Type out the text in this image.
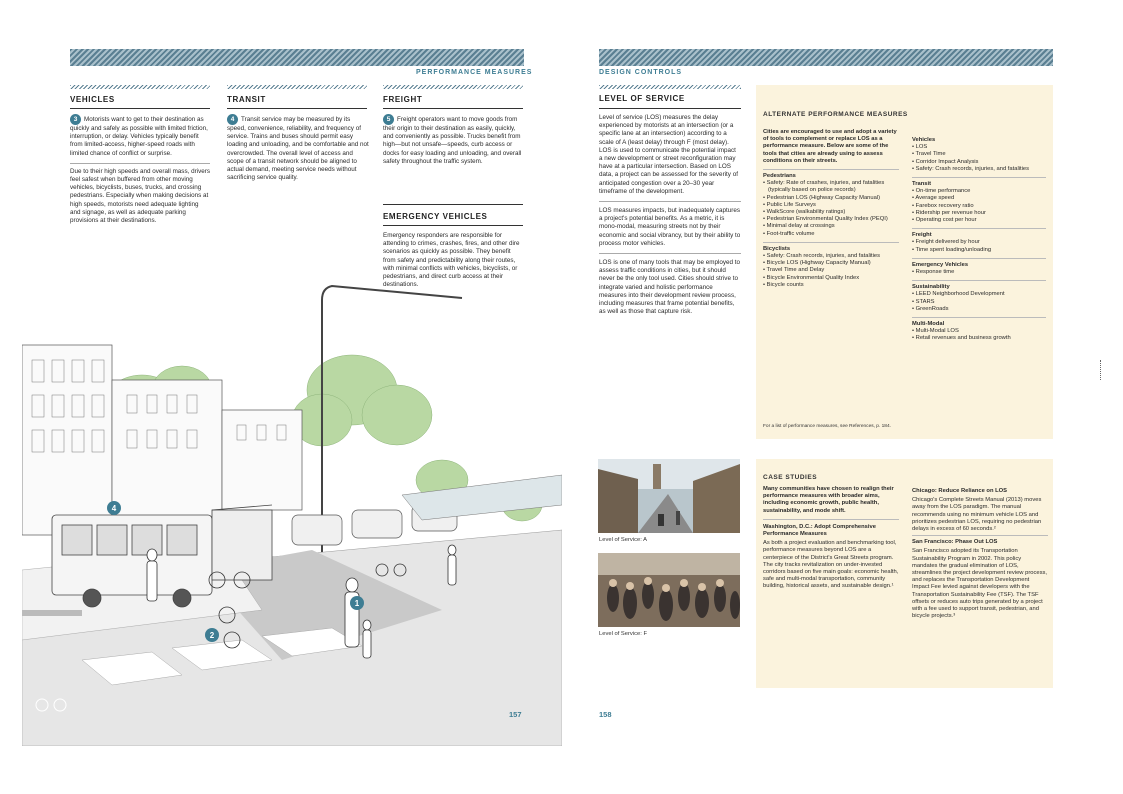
PERFORMANCE MEASURES
VEHICLES

3 Motorists want to get to their destination as quickly and safely as possible with limited friction, interruption, or delay. Vehicles typically benefit from limited-access, higher-speed roads with limited chance of conflict or surprise.

Due to their high speeds and overall mass, drivers feel safest when buffered from other moving vehicles, bicyclists, buses, trucks, and crossing pedestrians. Especially when making decisions at high speeds, motorists need adequate lighting and signage, as well as adequate parking provisions at their destinations.

TRANSIT

4 Transit service may be measured by its speed, convenience, reliability, and frequency of service. Trains and buses should permit easy loading and unloading, and be comfortable and not overcrowded. The overall level of access and scope of a transit network should be aligned to actual demand, meeting service needs without sacrificing service quality.

FREIGHT

5 Freight operators want to move goods from their origin to their destination as easily, quickly, and conveniently as possible. Trucks benefit from high—but not unsafe—speeds, curb access or docks for easy loading and unloading, and overall safety throughout the traffic system.

EMERGENCY VEHICLES
Emergency responders are responsible for attending to crimes, crashes, fires, and other dire scenarios as quickly as possible. They benefit from safety and predictability along their routes, with minimal conflicts with vehicles, bicyclists, or pedestrians, and direct curb access at their destinations.
4
1
2
157
DESIGN CONTROLS
LEVEL OF SERVICE

Level of service (LOS) measures the delay experienced by motorists at an intersection (or a specific lane at an intersection) according to a scale of A (least delay) through F (most delay). LOS is used to communicate the potential impact a new development or street reconfiguration may have at a particular intersection. Based on LOS data, a project can be assessed for the severity of anticipated congestion over a 20–30 year timeframe of the development.

LOS measures impacts, but inadequately captures a project's potential benefits. As a metric, it is mono-modal, measuring streets not by their economic and social vibrancy, but by their ability to process motor vehicles.

LOS is one of many tools that may be employed to assess traffic conditions in cities, but it should never be the only tool used. Cities should strive to integrate varied and holistic performance measures into their development review process, including measures that frame potential benefits, as well as those that capture risk.

ALTERNATE PERFORMANCE MEASURES
Cities are encouraged to use and adopt a variety of tools to complement or replace LOS as a performance measure. Below are some of the tools that cities are already using to assess conditions on their streets.
Pedestrians
• Safety: Rate of crashes, injuries, and fatalities (typically based on police records)
• Pedestrian LOS (Highway Capacity Manual)
• Public Life Surveys
• WalkScore (walkability ratings)
• Pedestrian Environmental Quality Index (PEQI)
• Minimal delay at crossings
• Foot-traffic volume
Bicyclists
• Safety: Crash records, injuries, and fatalities
• Bicycle LOS (Highway Capacity Manual)
• Travel Time and Delay
• Bicycle Environmental Quality Index
• Bicycle counts
Vehicles
• LOS
• Travel Time
• Corridor Impact Analysis
• Safety: Crash records, injuries, and fatalities
Transit
• On-time performance
• Average speed
• Farebox recovery ratio
• Ridership per revenue hour
• Operating cost per hour
Freight
• Freight delivered by hour
• Time spent loading/unloading
Emergency Vehicles
• Response time
Sustainability
• LEED Neighborhood Development
• STARS
• GreenRoads
Multi-Modal
• Multi-Modal LOS
• Retail revenues and business growth
For a list of performance measures, see References, p. 184.
Level of Service: A
Level of Service: F
CASE STUDIES

Many communities have chosen to realign their performance measures with broader aims, including economic growth, public health, sustainability, and mode shift.

Washington, D.C.: Adopt Comprehensive Performance Measures

As both a project evaluation and benchmarking tool, performance measures beyond LOS are a centerpiece of the District's Great Streets program. The city tracks revitalization on under-invested corridors based on five main goals: economic health, safe and multi-modal transportation, community building, historical assets, and sustainable design.¹

Chicago: Reduce Reliance on LOS

Chicago's Complete Streets Manual (2013) moves away from the LOS paradigm. The manual recommends using no minimum vehicle LOS and prioritizes pedestrian LOS, requiring no pedestrian delays in excess of 60 seconds.²

San Francisco: Phase Out LOS

San Francisco adopted its Transportation Sustainability Program in 2002. This policy mandates the gradual elimination of LOS, streamlines the project development review process, and replaces the Transportation Development Impact Fee levied against developers with the Transportation Sustainability Fee (TSF). The TSF offsets or reduces auto trips generated by a project with a fee used to support transit, pedestrian, and bicycle projects.³

158
